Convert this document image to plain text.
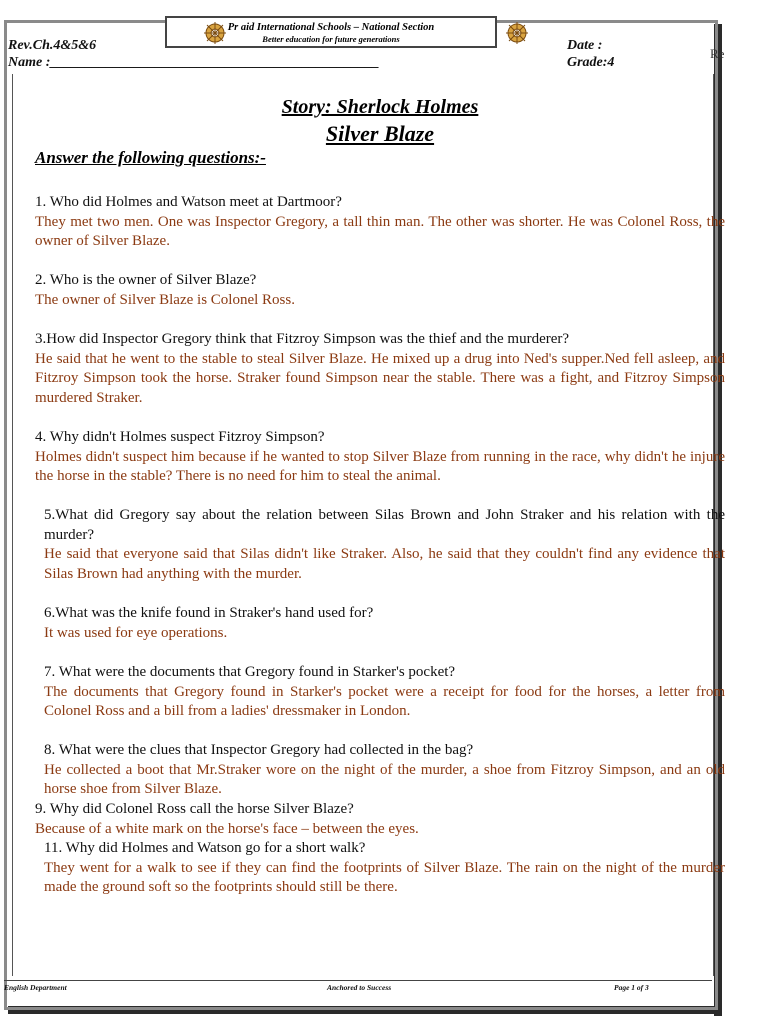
Pr aid International Schools – National Section
Better education for future generations
Rev.Ch.4&5&6
Name :_______________________________________________
Date :
Grade:4
Re
Story: Sherlock Holmes
Silver Blaze
Answer the following questions:-
1. Who did Holmes and Watson meet at Dartmoor?
They met two men. One was Inspector Gregory, a tall thin man. The other was shorter. He was Colonel Ross, the owner of Silver Blaze.
2. Who is the owner of Silver Blaze?
The owner of Silver Blaze is Colonel Ross.
3.How did Inspector Gregory think that Fitzroy Simpson was the thief and the murderer?
He said that he went to the stable to steal Silver Blaze. He mixed up a drug into Ned's supper.Ned fell asleep, and Fitzroy Simpson took the horse. Straker found Simpson near the stable. There was a fight, and Fitzroy Simpson murdered Straker.
4. Why didn't Holmes suspect Fitzroy Simpson?
Holmes didn't suspect him because if he wanted to stop Silver Blaze from running in the race, why didn't he injure the horse in the stable? There is no need for him to steal the animal.
5.What did Gregory say about the relation between Silas Brown and John Straker and his relation with the murder?
He said that everyone said that Silas didn't like Straker. Also, he said that they couldn't find any evidence that Silas Brown had anything with the murder.
6.What was the knife found in Straker's hand used for?
It was used for eye operations.
7. What were the documents that Gregory found in Starker's pocket?
The documents that Gregory found in Starker's pocket were a receipt for food for the horses, a letter from Colonel Ross and a bill from a ladies' dressmaker in London.
8. What were the clues that Inspector Gregory had collected in the bag?
He collected a boot that Mr.Straker wore on the night of the murder, a shoe from Fitzroy Simpson, and an old horse shoe from Silver Blaze.
9. Why did Colonel Ross call the horse Silver Blaze?
Because of a white mark on the horse's face – between the eyes.
11. Why did Holmes and Watson go for a short walk?
They went for a walk to see if they can find the footprints of Silver Blaze. The rain on the night of the murder made the ground soft so the footprints should still be there.
English Department	Anchored to Success	Page 1 of 3
